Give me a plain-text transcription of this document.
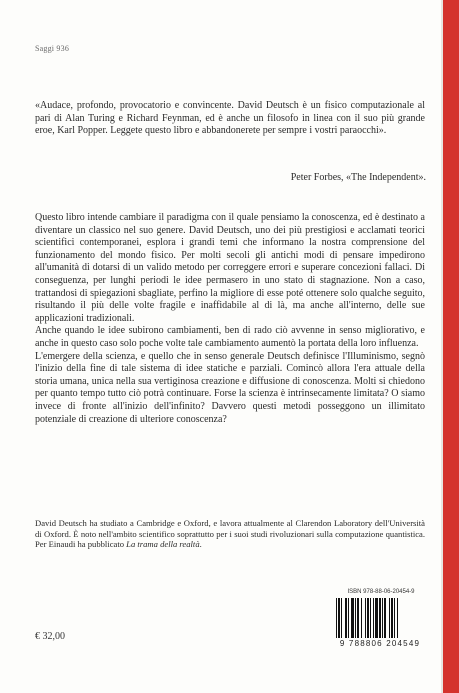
Saggi 936
«Audace, profondo, provocatorio e convincente. David Deutsch è un fisico computazionale al pari di Alan Turing e Richard Feynman, ed è anche un filosofo in linea con il suo più grande eroe, Karl Popper. Leggete questo libro e abbandonerete per sempre i vostri paraocchi».
Peter Forbes, «The Independent».

Questo libro intende cambiare il paradigma con il quale pensiamo la conoscenza, ed è destinato a diventare un classico nel suo genere. David Deutsch, uno dei più prestigiosi e acclamati teorici scientifici contemporanei, esplora i grandi temi che informano la nostra comprensione del funzionamento del mondo fisico. Per molti secoli gli antichi modi di pensare impedirono all'umanità di dotarsi di un valido metodo per correggere errori e superare concezioni fallaci. Di conseguenza, per lunghi periodi le idee permasero in uno stato di stagnazione. Non a caso, trattandosi di spiegazioni sbagliate, perfino la migliore di esse poté ottenere solo qualche seguito, risultando il più delle volte fragile e inaffidabile al di là, ma anche all'interno, delle sue applicazioni tradizionali.

Anche quando le idee subirono cambiamenti, ben di rado ciò avvenne in senso migliorativo, e anche in questo caso solo poche volte tale cambiamento aumentò la portata della loro influenza.

L'emergere della scienza, e quello che in senso generale Deutsch definisce l'Illuminismo, segnò l'inizio della fine di tale sistema di idee statiche e parziali. Comincò allora l'era attuale della storia umana, unica nella sua vertiginosa creazione e diffusione di conoscenza. Molti si chiedono per quanto tempo tutto ciò potrà continuare. Forse la scienza è intrinsecamente limitata? O siamo invece di fronte all'inizio dell'infinito? Davvero questi metodi posseggono un illimitato potenziale di creazione di ulteriore conoscenza?

David Deutsch ha studiato a Cambridge e Oxford, e lavora attualmente al Clarendon Laboratory dell'Università di Oxford. È noto nell'ambito scientifico soprattutto per i suoi studi rivoluzionari sulla computazione quantistica. Per Einaudi ha pubblicato La trama della realtà.
€ 32,00
ISBN 978-88-06-20454-9
9 788806 204549
